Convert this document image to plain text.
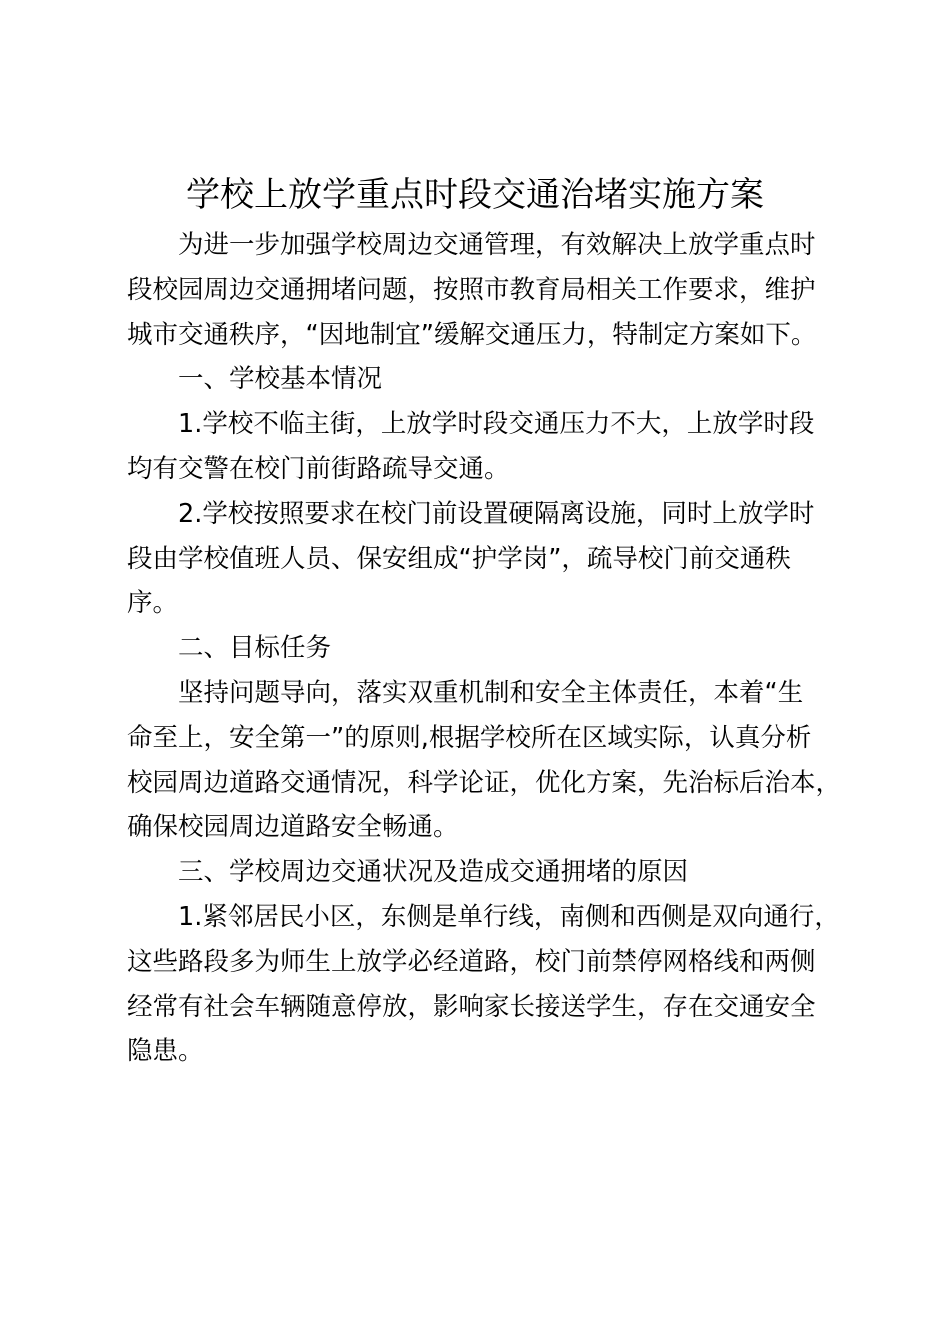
学校上放学重点时段交通治堵实施方案
为进一步加强学校周边交通管理，有效解决上放学重点时
段校园周边交通拥堵问题，按照市教育局相关工作要求，维护
城市交通秩序，“因地制宜”缓解交通压力，特制定方案如下。
一、学校基本情况
1.学校不临主街，上放学时段交通压力不大，上放学时段
均有交警在校门前街路疏导交通。
2.学校按照要求在校门前设置硬隔离设施，同时上放学时
段由学校值班人员、保安组成“护学岗”，疏导校门前交通秩
序。
二、目标任务
坚持问题导向，落实双重机制和安全主体责任，本着“生
命至上，安全第一”的原则,根据学校所在区域实际，认真分析
校园周边道路交通情况，科学论证，优化方案，先治标后治本，
确保校园周边道路安全畅通。
三、学校周边交通状况及造成交通拥堵的原因
1.紧邻居民小区，东侧是单行线，南侧和西侧是双向通行，
这些路段多为师生上放学必经道路，校门前禁停网格线和两侧
经常有社会车辆随意停放，影响家长接送学生，存在交通安全
隐患。
